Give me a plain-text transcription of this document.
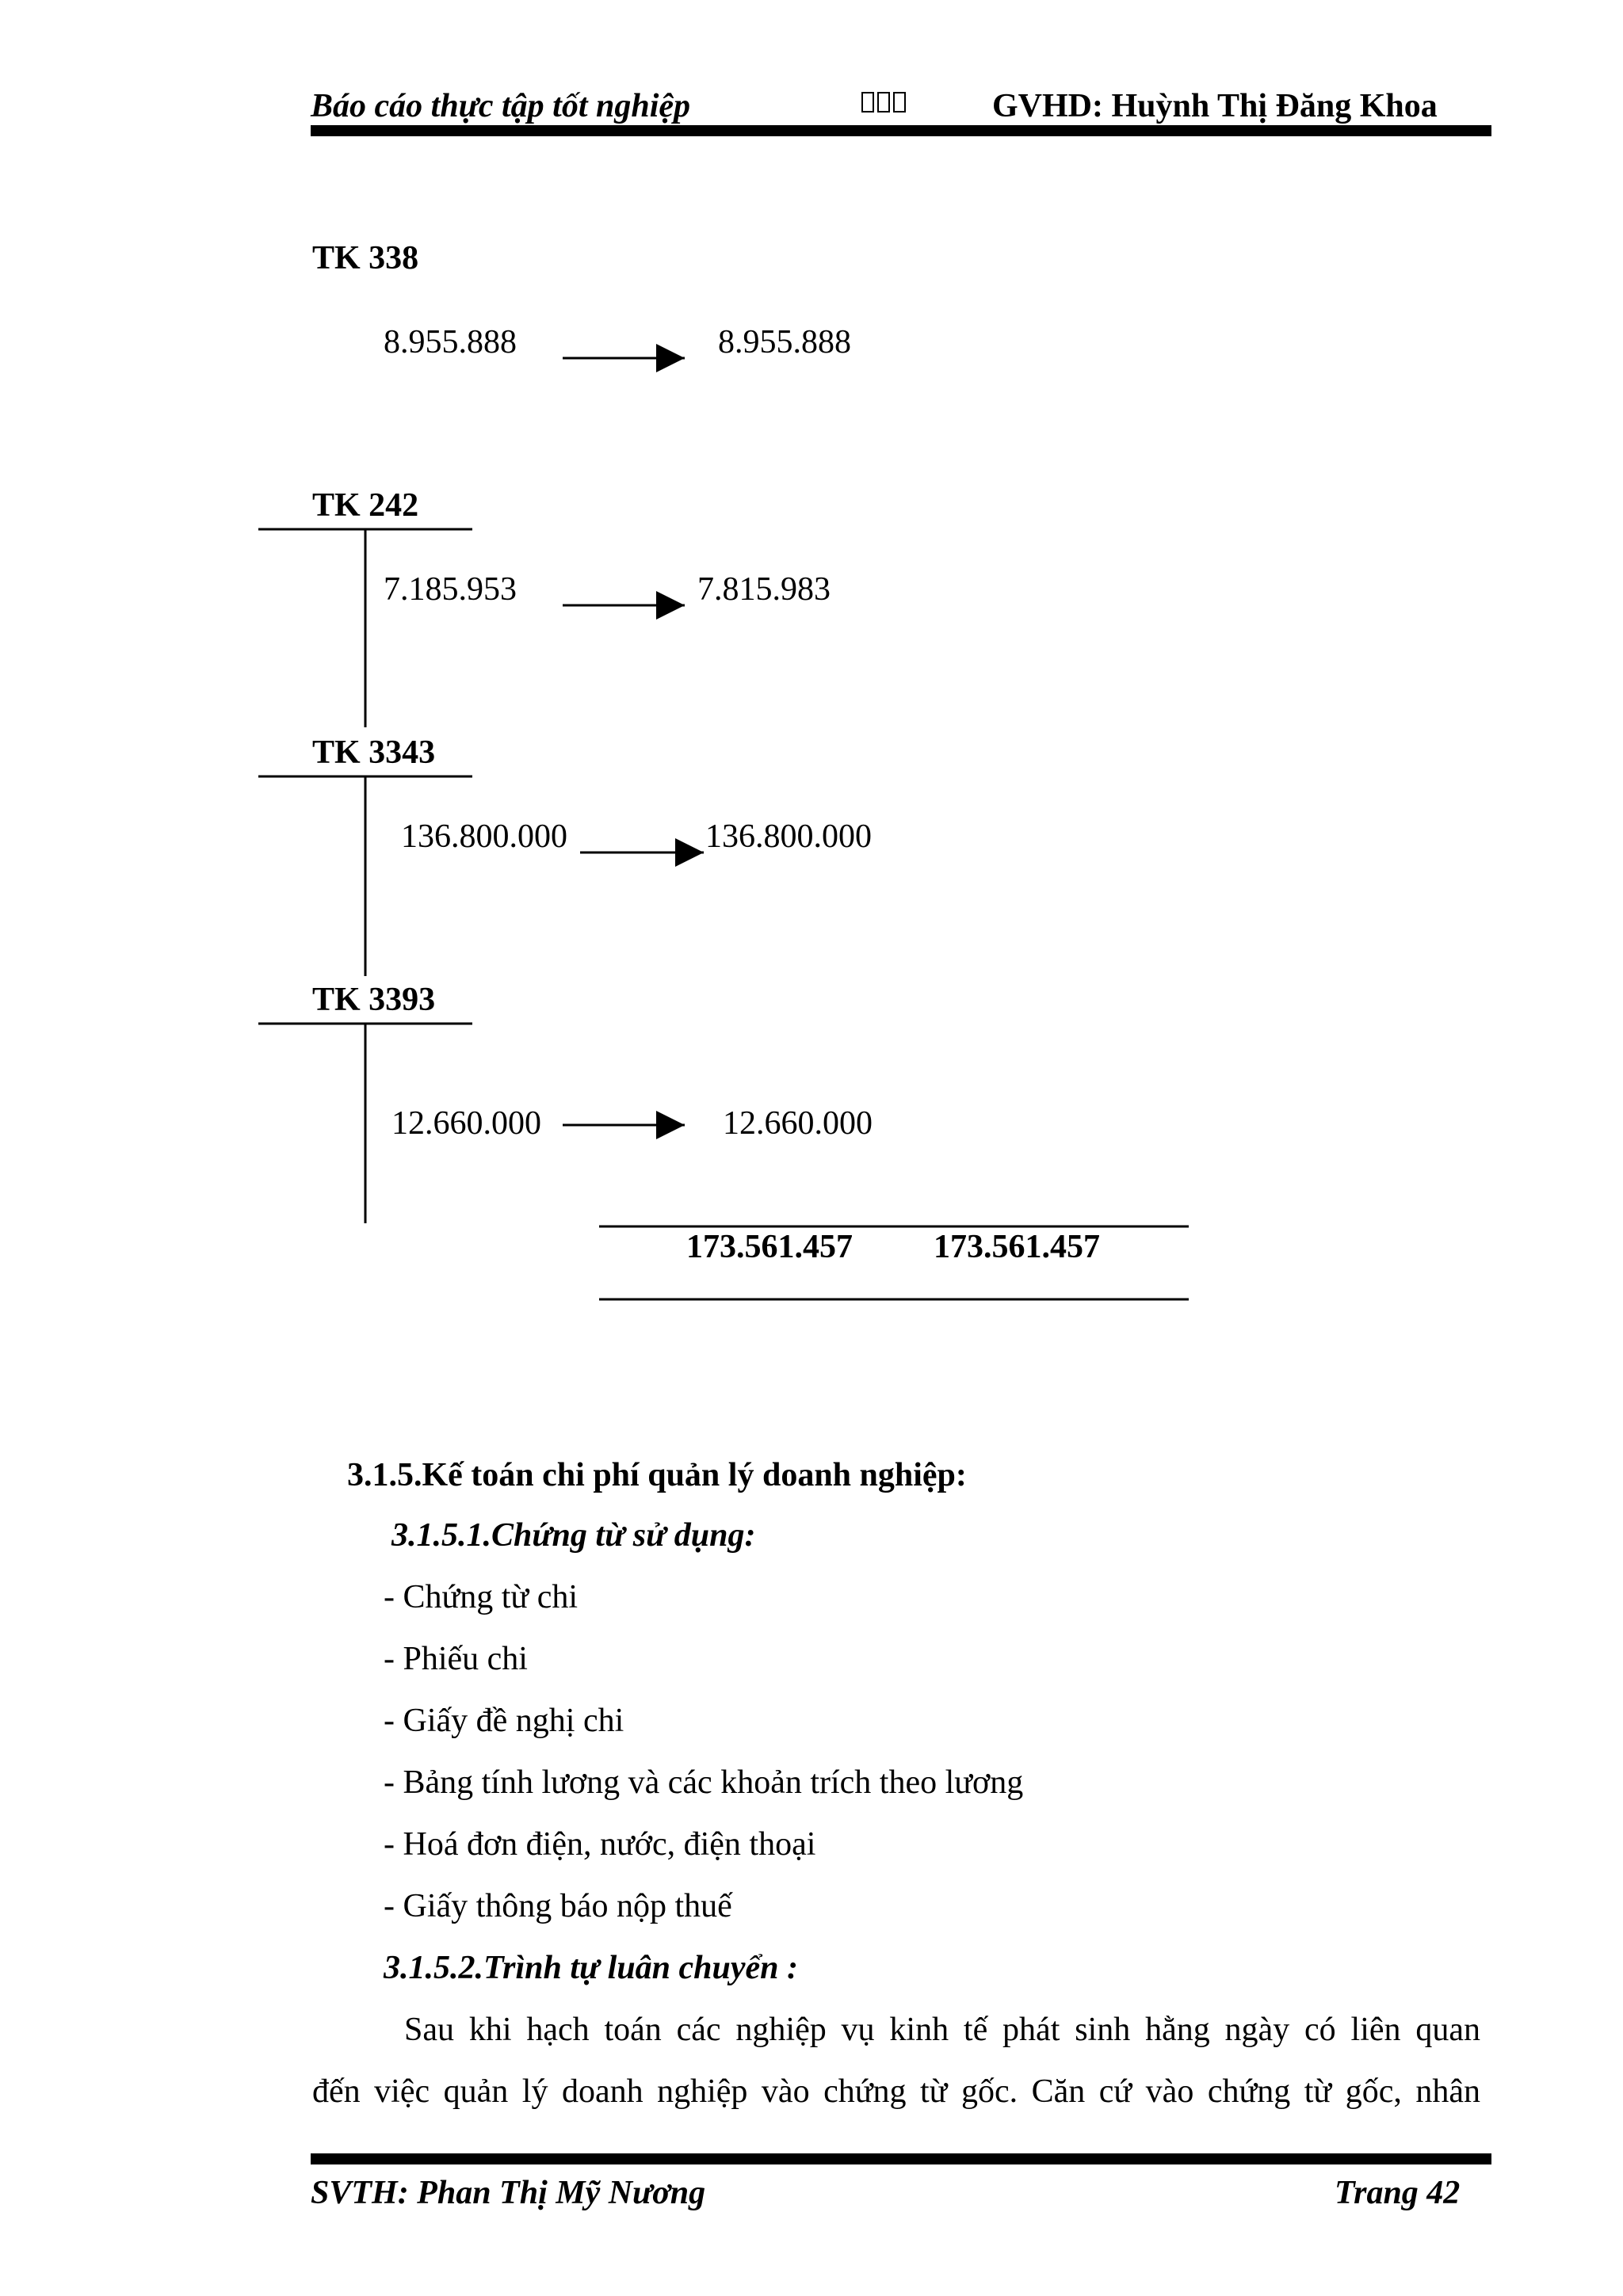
Báo cáo thực tập tốt nghiệp	GVHD: Huỳnh Thị Đăng Khoa
TK 338
8.955.888	8.955.888
TK 242
7.185.953	7.815.983
TK 3343
136.800.000	136.800.000
TK 3393
12.660.000	12.660.000
173.561.457 173.561.457
3.1.5.Kế toán chi phí quản lý doanh nghiệp:
3.1.5.1.Chứng từ sử dụng:
- Chứng từ chi
- Phiếu chi
- Giấy đề nghị chi
- Bảng tính lương và các khoản trích theo lương
- Hoá đơn điện, nước, điện thoại
- Giấy thông báo nộp thuế
3.1.5.2.Trình tự luân chuyển :
Sau khi hạch toán các nghiệp vụ kinh tế phát sinh hằng ngày có liên quan
đến việc quản lý doanh nghiệp vào chứng từ gốc. Căn cứ vào chứng từ gốc, nhân
SVTH: Phan Thị Mỹ Nương	Trang 42
